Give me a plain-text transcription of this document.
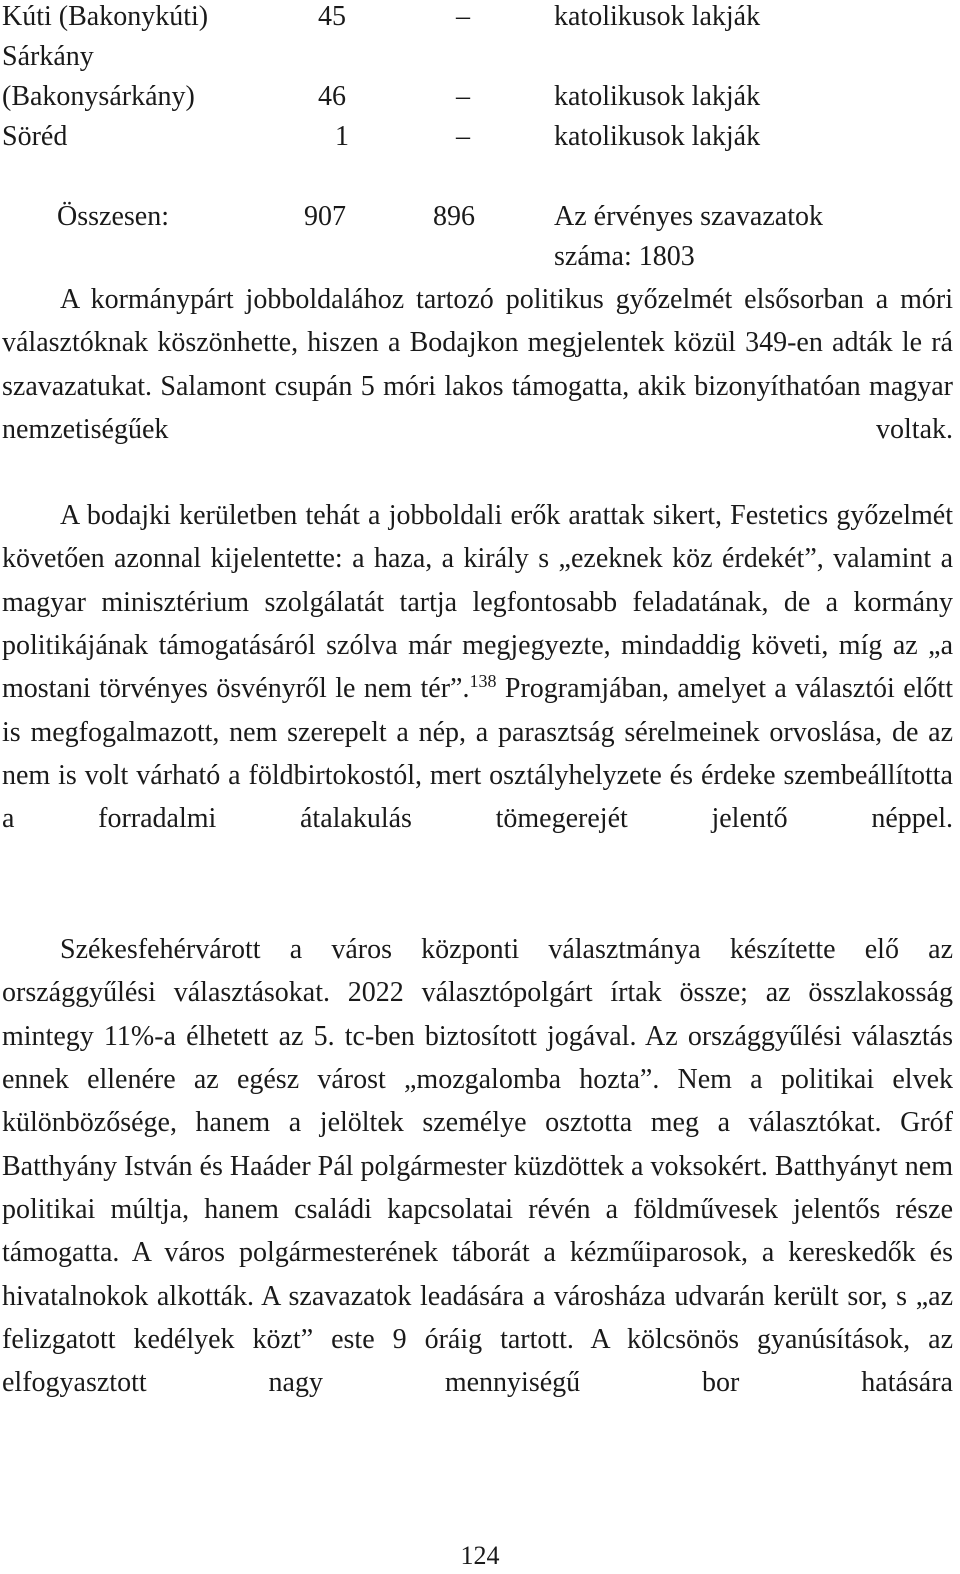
Kúti (Bakonykúti)	45	–	katolikusok lakják
Sárkány
(Bakonysárkány)	46	–	katolikusok lakják
Söréd	1	–	katolikusok lakják
Összesen:	907	896	Az érvényes szavazatok
száma: 1803
A kormánypárt jobboldalához tartozó politikus győzelmét elsősorban a móri választóknak köszönhette, hiszen a Bodajkon megjelentek közül 349-en adták le rá szavazatukat. Salamont csupán 5 móri lakos támogatta, akik bizonyíthatóan magyar nemzetiségűek voltak.
A bodajki kerületben tehát a jobboldali erők arattak sikert, Festetics győzelmét követően azonnal kijelentette: a haza, a király s „ezeknek köz érdekét”, valamint a magyar minisztérium szolgálatát tartja legfontosabb feladatának, de a kormány politikájának támogatásáról szólva már megjegyezte, mindaddig követi, míg az „a mostani törvényes ösvényről le nem tér”.$^{138}$ Programjában, amelyet a választói előtt is megfogalmazott, nem szerepelt a nép, a parasztság sérelmeinek orvoslása, de az nem is volt várható a földbirtokostól, mert osztályhelyzete és érdeke szembeállította a forradalmi átalakulás tömegerejét jelentő néppel.
Székesfehérvárott a város központi választmánya készítette elő az országgyűlési választásokat. 2022 választópolgárt írtak össze; az összlakosság mintegy 11%-a élhetett az 5. tc-ben biztosított jogával. Az országgyűlési választás ennek ellenére az egész várost „mozgalomba hozta”. Nem a politikai elvek különbözősége, hanem a jelöltek személye osztotta meg a választókat. Gróf Batthyány István és Haáder Pál polgármester küzdöttek a voksokért. Batthyányt nem politikai múltja, hanem családi kapcsolatai révén a földművesek jelentős része támogatta. A város polgármesterének táborát a kézműiparosok, a kereskedők és hivatalnokok alkották. A szavazatok leadására a városháza udvarán került sor, s „az felizgatott kedélyek közt” este 9 óráig tartott. A kölcsönös gyanúsítások, az elfogyasztott nagy mennyiségű bor hatására
124
